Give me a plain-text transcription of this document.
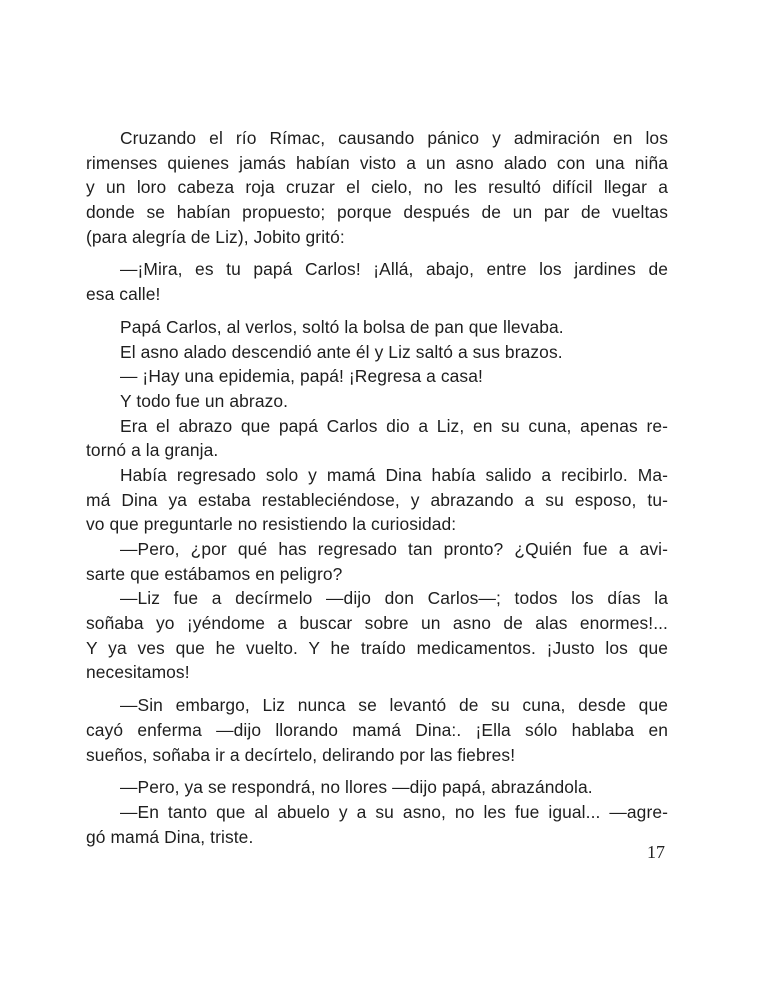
Cruzando el río Rímac, causando pánico y admiración en los
rimenses quienes jamás habían visto a un asno alado con una niña
y un loro cabeza roja cruzar el cielo, no les resultó difícil llegar a
donde se habían propuesto; porque después de un par de vueltas
(para alegría de Liz), Jobito gritó:
—¡Mira, es tu papá Carlos! ¡Allá, abajo, entre los jardines de
esa calle!
Papá Carlos, al verlos, soltó la bolsa de pan que llevaba.
El asno alado descendió ante él y Liz saltó a sus brazos.
— ¡Hay una epidemia, papá! ¡Regresa a casa!
Y todo fue un abrazo.
Era el abrazo que papá Carlos dio a Liz, en su cuna, apenas re-
tornó a la granja.
Había regresado solo y mamá Dina había salido a recibirlo. Ma-
má Dina ya estaba restableciéndose, y abrazando a su esposo, tu-
vo que preguntarle no resistiendo la curiosidad:
—Pero, ¿por qué has regresado tan pronto? ¿Quién fue a avi-
sarte que estábamos en peligro?
—Liz fue a decírmelo —dijo don Carlos—; todos los días la
soñaba yo ¡yéndome a buscar sobre un asno de alas enormes!...
Y ya ves que he vuelto. Y he traído medicamentos. ¡Justo los que
necesitamos!
—Sin embargo, Liz nunca se levantó de su cuna, desde que
cayó enferma —dijo llorando mamá Dina:. ¡Ella sólo hablaba en
sueños, soñaba ir a decírtelo, delirando por las fiebres!
—Pero, ya se respondrá, no llores —dijo papá, abrazándola.
—En tanto que al abuelo y a su asno, no les fue igual... —agre-
gó mamá Dina, triste.
17
